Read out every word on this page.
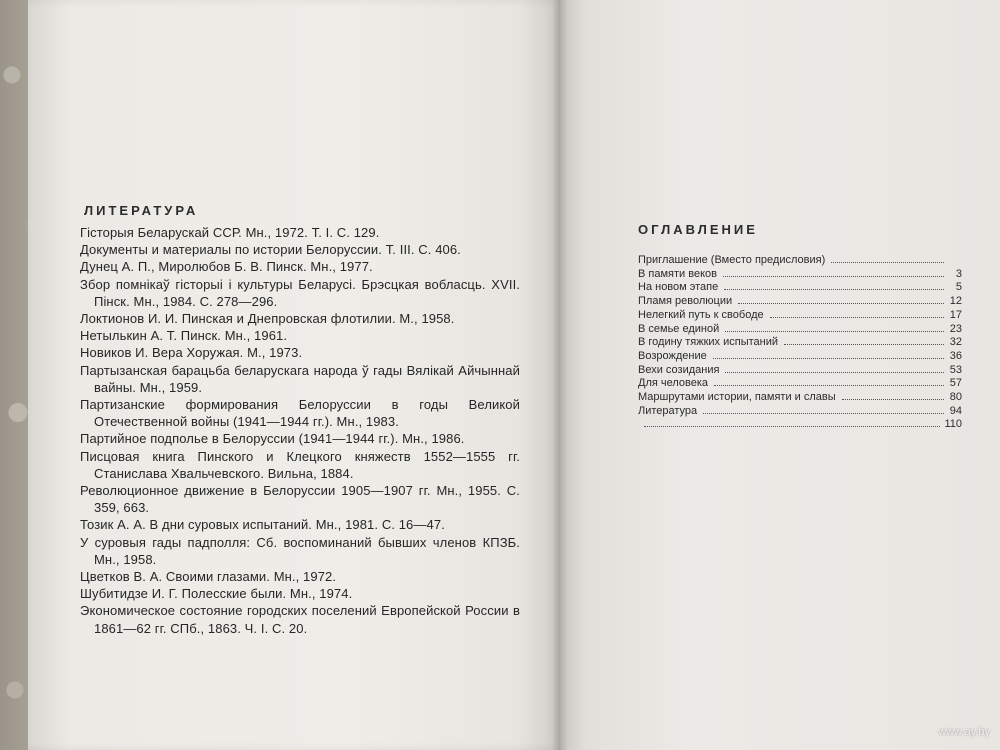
ЛИТЕРАТУРА
Гісторыя Беларускай ССР. Мн., 1972. Т. I. С. 129.
Документы и материалы по истории Белоруссии. Т. III. С. 406.
Дунец А. П., Миролюбов Б. В. Пинск. Мн., 1977.
Збор помнікаў гісторыі і культуры Беларусі. Брэсцкая вобласць. XVII. Пінск. Мн., 1984. С. 278—296.
Локтионов И. И. Пинская и Днепровская флотилии. М., 1958.
Нетылькин А. Т. Пинск. Мн., 1961.
Новиков И. Вера Хоружая. М., 1973.
Партызанская барацьба беларускага народа ў гады Вялікай Айчыннай вайны. Мн., 1959.
Партизанские формирования Белоруссии в годы Великой Отечественной войны (1941—1944 гг.). Мн., 1983.
Партийное подполье в Белоруссии (1941—1944 гг.). Мн., 1986.
Писцовая книга Пинского и Клецкого княжеств 1552—1555 гг. Станислава Хвальчевского. Вильна, 1884.
Революционное движение в Белоруссии 1905—1907 гг. Мн., 1955. С. 359, 663.
Тозик А. А. В дни суровых испытаний. Мн., 1981. С. 16—47.
У суровыя гады падполля: Сб. воспоминаний бывших членов КПЗБ. Мн., 1958.
Цветков В. А. Своими глазами. Мн., 1972.
Шубитидзе И. Г. Полесские были. Мн., 1974.
Экономическое состояние городских поселений Европейской России в 1861—62 гг. СПб., 1863. Ч. I. С. 20.
ОГЛАВЛЕНИЕ
Приглашение (Вместо предисловия)
В памяти веков	3
На новом этапе	5
Пламя революции	12
Нелегкий путь к свободе	17
В семье единой	23
В годину тяжких испытаний	32
Возрождение	36
Вехи созидания	53
Для человека	57
Маршрутами истории, памяти и славы	80
Литература	94
110
www.ay.by
